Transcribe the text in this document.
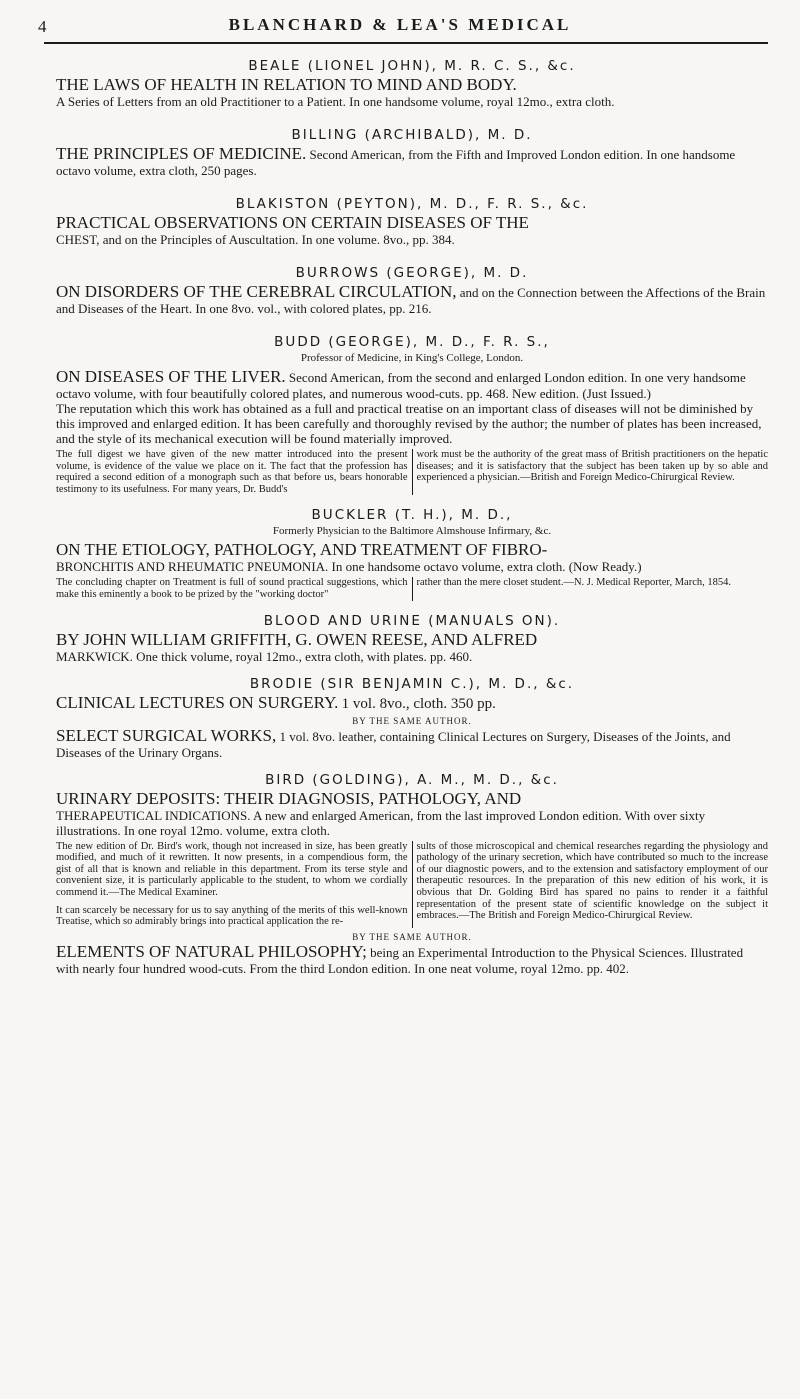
4	BLANCHARD & LEA'S MEDICAL

BEALE (LIONEL JOHN), M. R. C. S., &c.

THE LAWS OF HEALTH IN RELATION TO MIND AND BODY.

A Series of Letters from an old Practitioner to a Patient. In one handsome volume, royal 12mo., extra cloth.

BILLING (ARCHIBALD), M. D.

THE PRINCIPLES OF MEDICINE. Second American, from the Fifth and Improved London edition. In one handsome octavo volume, extra cloth, 250 pages.

BLAKISTON (PEYTON), M. D., F. R. S., &c.

PRACTICAL OBSERVATIONS ON CERTAIN DISEASES OF THE

CHEST, and on the Principles of Auscultation. In one volume. 8vo., pp. 384.

BURROWS (GEORGE), M. D.

ON DISORDERS OF THE CEREBRAL CIRCULATION, and on the Connection between the Affections of the Brain and Diseases of the Heart. In one 8vo. vol., with colored plates, pp. 216.

BUDD (GEORGE), M. D., F. R. S.,

Professor of Medicine, in King's College, London.

ON DISEASES OF THE LIVER. Second American, from the second and enlarged London edition. In one very handsome octavo volume, with four beautifully colored plates, and numerous wood-cuts. pp. 468. New edition. (Just Issued.)

The reputation which this work has obtained as a full and practical treatise on an important class of diseases will not be diminished by this improved and enlarged edition. It has been carefully and thoroughly revised by the author; the number of plates has been increased, and the style of its mechanical execution will be found materially improved.

The full digest we have given of the new matter introduced into the present volume, is evidence of the value we place on it. The fact that the profession has required a second edition of a monograph such as that before us, bears honorable testimony to its usefulness. For many years, Dr. Budd's
work must be the authority of the great mass of British practitioners on the hepatic diseases; and it is satisfactory that the subject has been taken up by so able and experienced a physician.—British and Foreign Medico-Chirurgical Review.

BUCKLER (T. H.), M. D.,

Formerly Physician to the Baltimore Almshouse Infirmary, &c.

ON THE ETIOLOGY, PATHOLOGY, AND TREATMENT OF FIBRO-

BRONCHITIS AND RHEUMATIC PNEUMONIA. In one handsome octavo volume, extra cloth. (Now Ready.)

The concluding chapter on Treatment is full of sound practical suggestions, which make this eminently a book to be prized by the "working doctor"
rather than the mere closet student.—N. J. Medical Reporter, March, 1854.

BLOOD AND URINE (MANUALS ON).

BY JOHN WILLIAM GRIFFITH, G. OWEN REESE, AND ALFRED

MARKWICK. One thick volume, royal 12mo., extra cloth, with plates. pp. 460.

BRODIE (SIR BENJAMIN C.), M. D., &c.

CLINICAL LECTURES ON SURGERY. 1 vol. 8vo., cloth. 350 pp.

BY THE SAME AUTHOR.

SELECT SURGICAL WORKS, 1 vol. 8vo. leather, containing Clinical Lectures on Surgery, Diseases of the Joints, and Diseases of the Urinary Organs.

BIRD (GOLDING), A. M., M. D., &c.

URINARY DEPOSITS: THEIR DIAGNOSIS, PATHOLOGY, AND

THERAPEUTICAL INDICATIONS. A new and enlarged American, from the last improved London edition. With over sixty illustrations. In one royal 12mo. volume, extra cloth.

The new edition of Dr. Bird's work, though not increased in size, has been greatly modified, and much of it rewritten. It now presents, in a compendious form, the gist of all that is known and reliable in this department. From its terse style and convenient size, it is particularly applicable to the student, to whom we cordially commend it.—The Medical Examiner.
It can scarcely be necessary for us to say anything of the merits of this well-known Treatise, which so admirably brings into practical application the re-
sults of those microscopical and chemical researches regarding the physiology and pathology of the urinary secretion, which have contributed so much to the increase of our diagnostic powers, and to the extension and satisfactory employment of our therapeutic resources. In the preparation of this new edition of his work, it is obvious that Dr. Golding Bird has spared no pains to render it a faithful representation of the present state of scientific knowledge on the subject it embraces.—The British and Foreign Medico-Chirurgical Review.

BY THE SAME AUTHOR.

ELEMENTS OF NATURAL PHILOSOPHY; being an Experimental Introduction to the Physical Sciences. Illustrated with nearly four hundred wood-cuts. From the third London edition. In one neat volume, royal 12mo. pp. 402.
